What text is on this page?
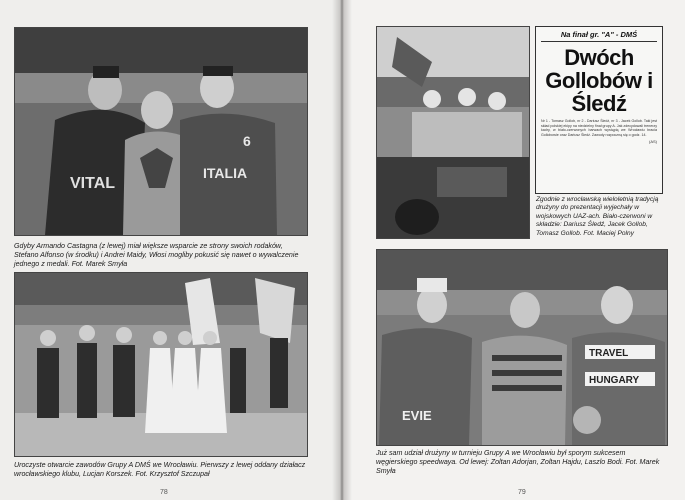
VITAL
ITALIA
6
Gdyby Armando Castagna (z lewej) miał większe wsparcie ze strony swoich rodaków, Stefano Alfonso (w środku) i Andrei Maidy, Włosi mogliby pokusić się nawet o wywalczenie jednego z medali. Fot. Marek Smyła
Uroczyste otwarcie zawodów Grupy A DMŚ we Wrocławiu. Pierwszy z lewej oddany działacz wrocławskiego klubu, Lucjan Korszek. Fot. Krzysztof Szczupał
78
Na finał gr. "A" - DMŚ
Dwóch Gollobów i Śledź
Nr 1 - Tomasz Gollob, nr 2 - Dariusz Śledź, nr 3 - Jacek Gollob. Taki jest skład polskiej ekipy na niedzielny finał grupy A. Jak zdecydowali trenerzy kadry, w biało-czerwonych barwach wystąpią we Wrocławiu bracia Gollobowie oraz Dariusz Śledź. Zawody rozpoczną się o godz. 14.
(AS)
Zgodnie z wrocławską wieloletnią tradycją drużyny do prezentacji wyjechały w wojskowych UAZ-ach. Biało-czerwoni w składzie: Dariusz Śledź, Jacek Gollob, Tomasz Gollob. Fot. Maciej Polny
EVIE
TRAVEL
HUNGARY
Już sam udział drużyny w turnieju Grupy A we Wrocławiu był sporym sukcesem węgierskiego speedwaya. Od lewej: Zoltan Adorjan, Zoltan Hajdu, Laszlo Bodi. Fot. Marek Smyła
79
